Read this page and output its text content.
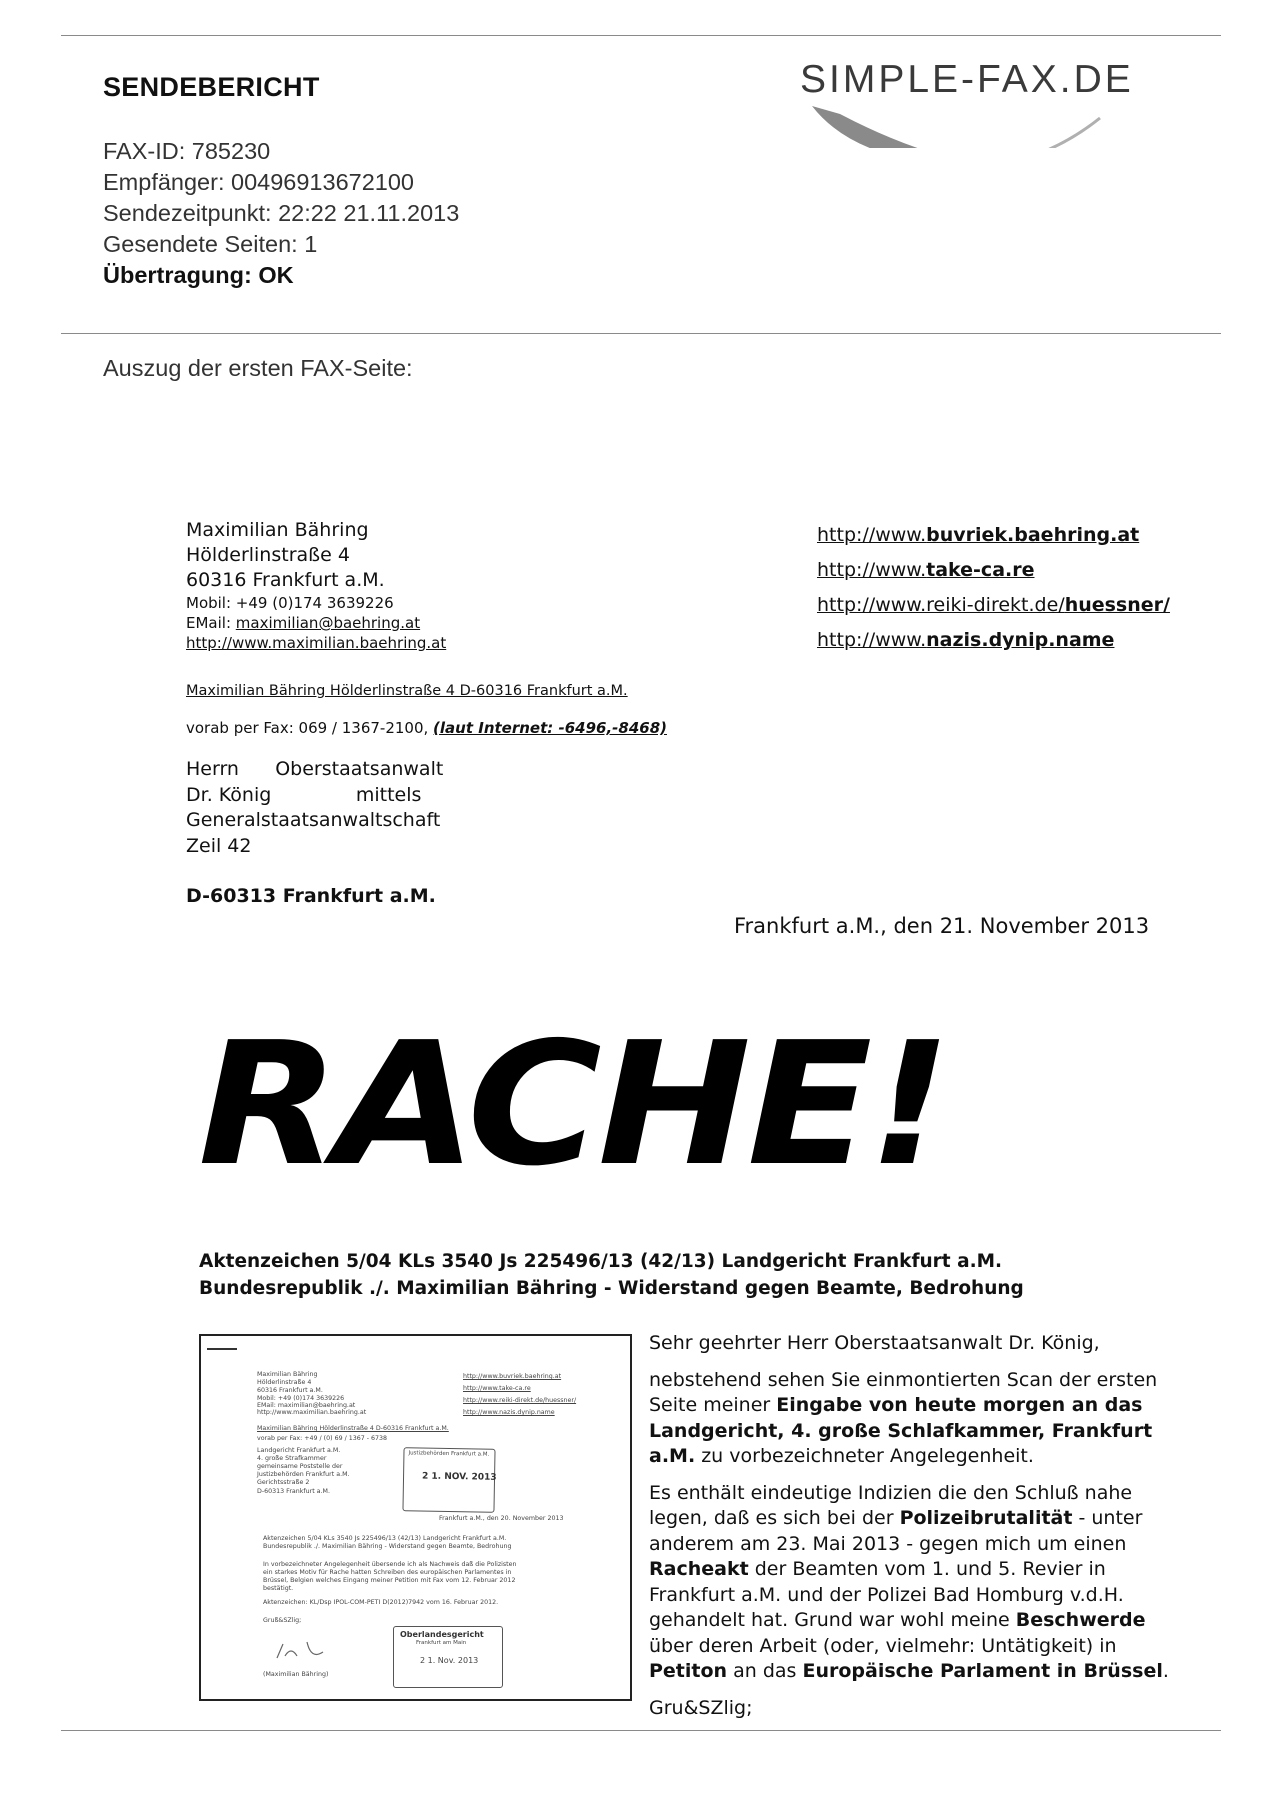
SENDEBERICHT	SIMPLE-FAX.DE
FAX-ID: 785230
Empfänger: 00496913672100
Sendezeitpunkt: 22:22 21.11.2013
Gesendete Seiten: 1
Übertragung: OK
Auszug der ersten FAX-Seite:
Maximilian Bähring
Hölderlinstraße 4
60316 Frankfurt a.M.
Mobil: +49 (0)174 3639226
EMail: maximilian@baehring.at
http://www.maximilian.baehring.at
http://www.buvriek.baehring.at
http://www.take-ca.re
http://www.reiki-direkt.de/huessner/
http://www.nazis.dynip.name
Maximilian Bähring Hölderlinstraße 4 D-60316 Frankfurt a.M.
vorab per Fax: 069 / 1367-2100, (laut Internet: -6496,-8468)
Herrn      Oberstaatsanwalt
Dr. König              mittels
Generalstaatsanwaltschaft
Zeil 42
D-60313 Frankfurt a.M.
Frankfurt a.M., den 21. November 2013
RACHE!
Aktenzeichen 5/04 KLs 3540 Js 225496/13 (42/13) Landgericht Frankfurt a.M.
Bundesrepublik ./. Maximilian Bähring - Widerstand gegen Beamte, Bedrohung
Maximilian Bähring
Hölderlinstraße 4
60316 Frankfurt a.M.
Mobil: +49 (0)174 3639226
EMail: maximilian@baehring.at
http://www.maximilian.baehring.at
http://www.buvriek.baehring.at
http://www.take-ca.re
http://www.reiki-direkt.de/huessner/
http://www.nazis.dynip.name
Maximilian Bähring Hölderlinstraße 4 D-60316 Frankfurt a.M.
vorab per Fax: +49 / (0) 69 / 1367 - 6738
Landgericht Frankfurt a.M.
4. große Strafkammer
gemeinsame Poststelle der
Justizbehörden Frankfurt a.M.
Gerichtsstraße 2
D-60313 Frankfurt a.M.
Justizbehörden Frankfurt a.M.
2 1. NOV. 2013
Frankfurt a.M., den 20. November 2013
Aktenzeichen 5/04 KLs 3540 Js 225496/13 (42/13) Landgericht Frankfurt a.M.
Bundesrepublik ./. Maximilian Bähring - Widerstand gegen Beamte, Bedrohung
In vorbezeichneter Angelegenheit übersende ich als Nachweis daß die Polizisten
ein starkes Motiv für Rache hatten Schreiben des europäischen Parlamentes in
Brüssel, Belgien welches Eingang meiner Petition mit Fax vom 12. Februar 2012
bestätigt.
Aktenzeichen: KL/Dsp IPOL-COM-PETI D(2012)7942 vom 16. Februar 2012.
Gruß&SZlig;
(Maximilian Bähring)
Oberlandesgericht
Frankfurt am Main
2 1. Nov. 2013

Sehr geehrter Herr Oberstaatsanwalt Dr. König,

nebstehend sehen Sie einmontierten Scan der ersten Seite meiner Eingabe von heute morgen an das Landgericht, 4. große Schlafkammer, Frankfurt a.M. zu vorbezeichneter Angelegenheit.

Es enthält eindeutige Indizien die den Schluß nahe legen, daß es sich bei der Polizeibrutalität - unter anderem am 23. Mai 2013 - gegen mich um einen Racheakt der Beamten vom 1. und 5. Revier in Frankfurt a.M. und der Polizei Bad Homburg v.d.H. gehandelt hat. Grund war wohl meine Beschwerde über deren Arbeit (oder, vielmehr: Untätigkeit) in Petiton an das Europäische Parlament in Brüssel.

Gru&SZlig;
